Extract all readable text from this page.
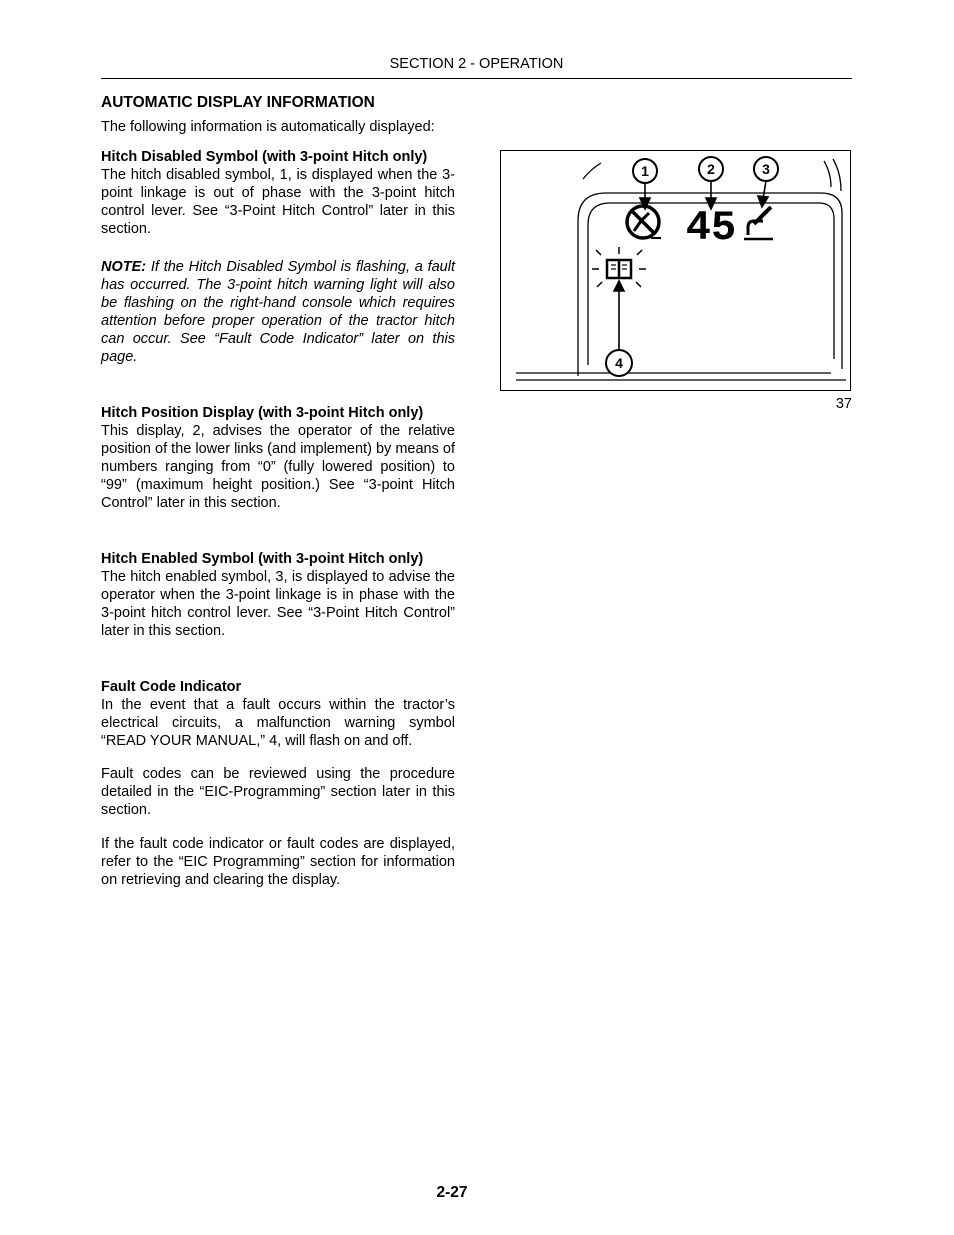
SECTION 2 - OPERATION
AUTOMATIC DISPLAY INFORMATION
The following information is automatically displayed:
Hitch Disabled Symbol (with 3-point Hitch only)
The hitch disabled symbol, 1, is displayed when the 3-point linkage is out of phase with the 3-point hitch control lever. See “3-Point Hitch Control” later in this section.
NOTE: If the Hitch Disabled Symbol is flashing, a fault has occurred. The 3-point hitch warning light will also be flashing on the right-hand console which requires attention before proper operation of the tractor hitch can occur. See “Fault Code Indicator” later on this page.
Hitch Position Display (with 3-point Hitch only)
This display, 2, advises the operator of the relative position of the lower links (and implement) by means of numbers ranging from “0” (fully lowered position) to “99” (maximum height position.) See “3-point Hitch Control” later in this section.
Hitch Enabled Symbol (with 3-point Hitch only)
The hitch enabled symbol, 3, is displayed to advise the operator when the 3-point linkage is in phase with the 3-point hitch control lever. See “3-Point Hitch Control” later in this section.
Fault Code Indicator
In the event that a fault occurs within the tractor’s electrical circuits, a malfunction warning symbol “READ YOUR MANUAL,” 4, will flash on and off.
Fault codes can be reviewed using the procedure detailed in the “EIC-Programming” section later in this section.
If the fault code indicator or fault codes are displayed, refer to the “EIC Programming” section for information on retrieving and clearing the display.
1	2	3
4
45
37
2-27
